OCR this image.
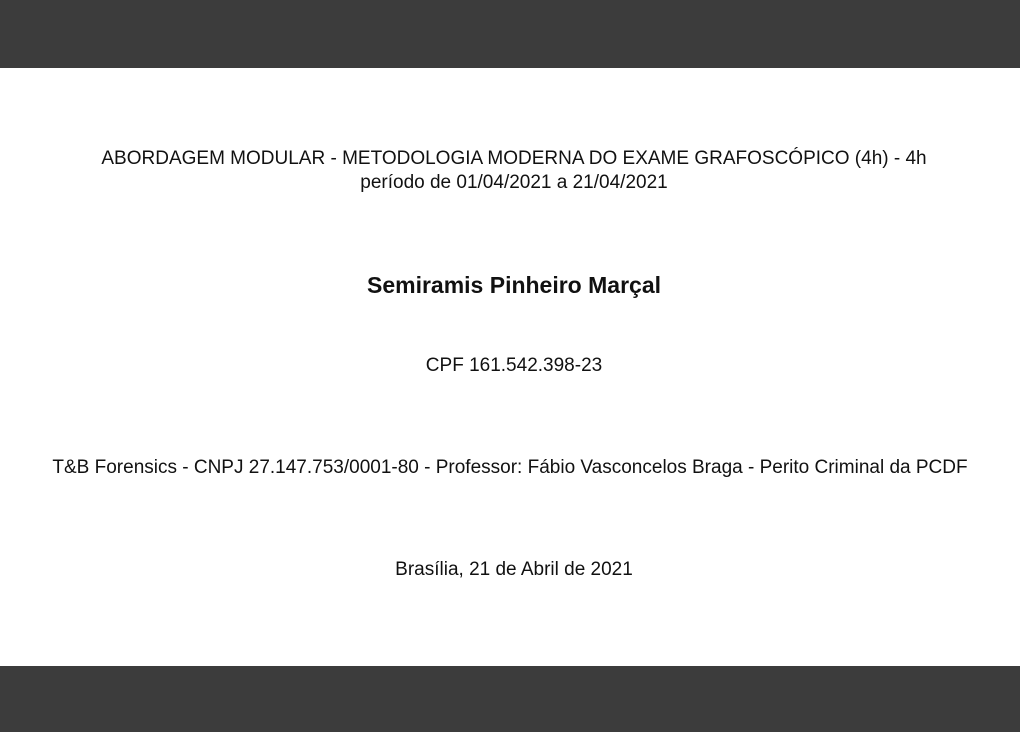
ABORDAGEM MODULAR - METODOLOGIA MODERNA DO EXAME GRAFOSCÓPICO (4h) - 4h
período de 01/04/2021 a 21/04/2021
Semiramis Pinheiro Marçal
CPF 161.542.398-23
T&B Forensics - CNPJ 27.147.753/0001-80 - Professor: Fábio Vasconcelos Braga - Perito Criminal da PCDF
Brasília, 21 de Abril de 2021
